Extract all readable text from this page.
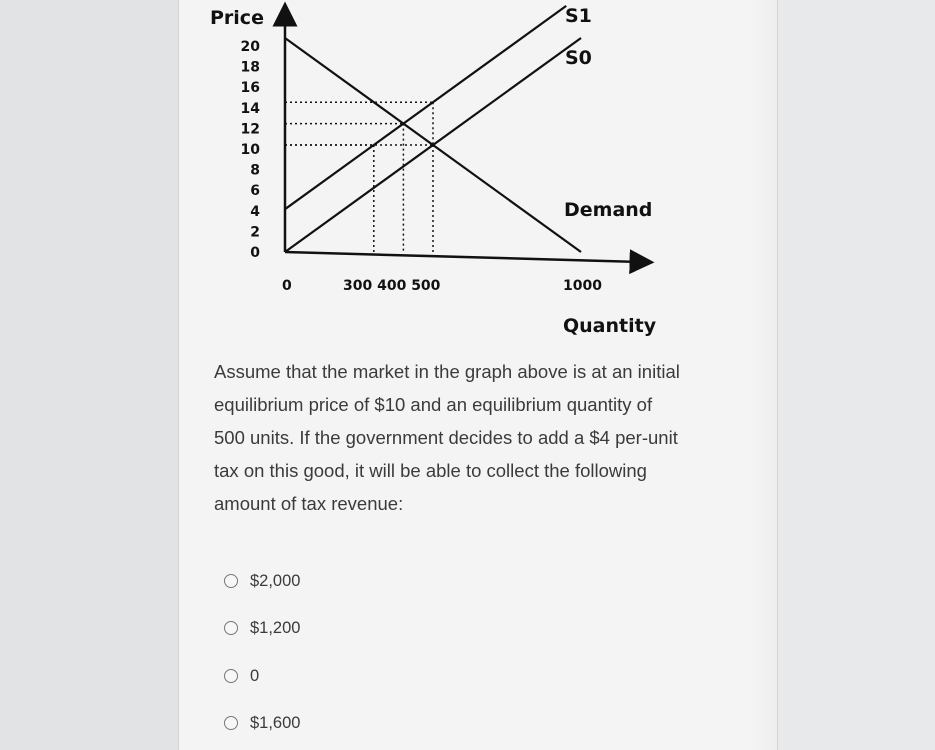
Price
Quantity
20
18
16
14
12
10
8
6
4
2
0
0	300 400 500	1000
Demand
S0
S1
Assume that the market in the graph above is at an initial
equilibrium price of $10 and an equilibrium quantity of
500 units. If the government decides to add a $4 per-unit
tax on this good, it will be able to collect the following
amount of tax revenue:
$2,000
$1,200
0
$1,600
